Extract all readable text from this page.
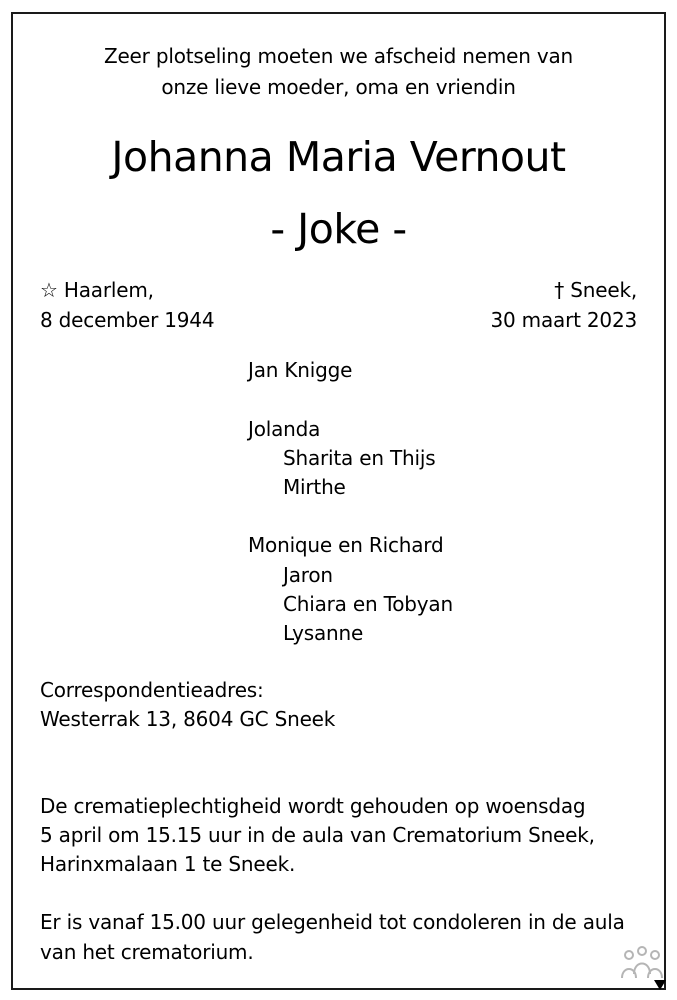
Zeer plotseling moeten we afscheid nemen van
onze lieve moeder, oma en vriendin
Johanna Maria Vernout
- Joke -
☆ Haarlem,
8 december 1944
† Sneek,
30 maart 2023
Jan Knigge
Jolanda
Sharita en Thijs
Mirthe
Monique en Richard
Jaron
Chiara en Tobyan
Lysanne
Correspondentieadres:
Westerrak 13, 8604 GC Sneek
De crematieplechtigheid wordt gehouden op woensdag
5 april om 15.15 uur in de aula van Crematorium Sneek,
Harinxmalaan 1 te Sneek.
Er is vanaf 15.00 uur gelegenheid tot condoleren in de aula
van het crematorium.
